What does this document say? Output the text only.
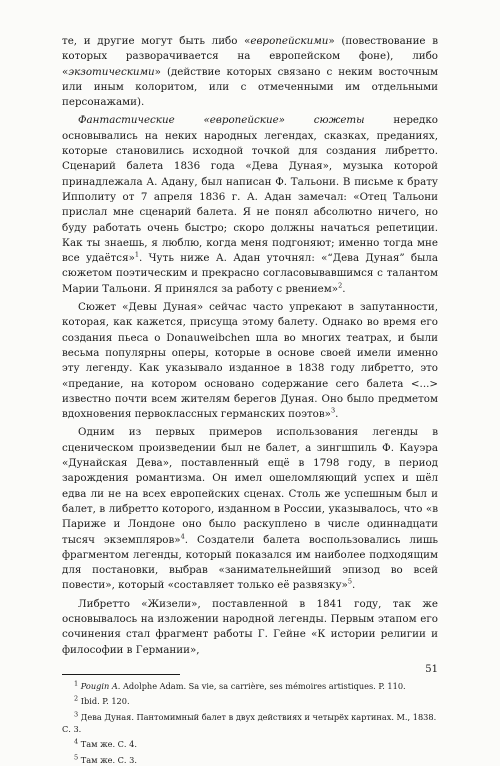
те, и другие могут быть либо «европейскими» (повествование в которых разворачивается на европейском фоне), либо «экзотическими» (действие которых связано с неким восточным или иным колоритом, или с отмеченными им отдельными персонажами).

Фантастические «европейские» сюжеты нередко основывались на неких народных легендах, сказках, преданиях, которые становились исходной точкой для создания либретто. Сценарий балета 1836 года «Дева Дуная», музыка которой принадлежала А. Адану, был написан Ф. Тальони. В письме к брату Ипполиту от 7 апреля 1836 г. А. Адан замечал: «Отец Тальони прислал мне сценарий балета. Я не понял абсолютно ничего, но буду работать очень быстро; скоро должны начаться репетиции. Как ты знаешь, я люблю, когда меня подгоняют; именно тогда мне все удаётся»$^1$. Чуть ниже А. Адан уточнял: «“Дева Дуная” была сюжетом поэтическим и прекрасно согласовывавшимся с талантом Марии Тальони. Я принялся за работу с рвением»$^2$.

Сюжет «Девы Дуная» сейчас часто упрекают в запутанности, которая, как кажется, присуща этому балету. Однако во время его создания пьеса о Donauweibchen шла во многих театрах, и были весьма популярны оперы, которые в основе своей имели именно эту легенду. Как указывало изданное в 1838 году либретто, это «предание, на котором основано содержание сего балета <...> известно почти всем жителям берегов Дуная. Оно было предметом вдохновения первоклассных германских поэтов»$^3$.

Одним из первых примеров использования легенды в сценическом произведении был не балет, а зингшпиль Ф. Кауэра «Дунайская Дева», поставленный ещё в 1798 году, в период зарождения романтизма. Он имел ошеломляющий успех и шёл едва ли не на всех европейских сценах. Столь же успешным был и балет, в либретто которого, изданном в России, указывалось, что «в Париже и Лондоне оно было раскуплено в числе одиннадцати тысяч экземпляров»$^4$. Создатели балета воспользовались лишь фрагментом легенды, который показался им наиболее подходящим для постановки, выбрав «занимательнейший эпизод во всей повести», который «составляет только её развязку»$^5$.

Либретто «Жизели», поставленной в 1841 году, так же основывалось на изложении народной легенды. Первым этапом его сочинения стал фрагмент работы Г. Гейне «К истории религии и философии в Германии»,

$^1$ Pougin A. Adolphe Adam. Sa vie, sa carrière, ses mémoires artistiques. P. 110.

$^2$ Ibid. P. 120.

$^3$ Дева Дуная. Пантомимный балет в двух действиях и четырёх картинах. М., 1838. С. 3.

$^4$ Там же. С. 4.

$^5$ Там же. С. 3.

51
